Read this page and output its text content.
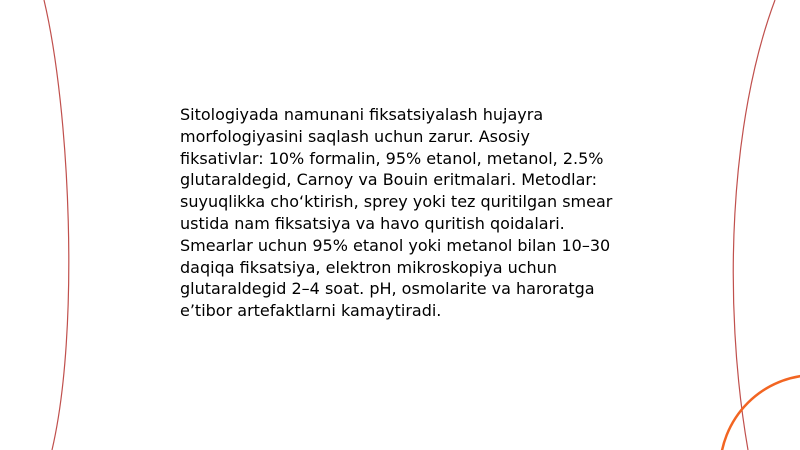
Sitologiyada namunani fiksatsiyalash hujayra
morfologiyasini saqlash uchun zarur. Asosiy
fiksativlar: 10% formalin, 95% etanol, metanol, 2.5%
glutaraldegid, Carnoy va Bouin eritmalari. Metodlar:
suyuqlikka cho‘ktirish, sprey yoki tez quritilgan smear
ustida nam fiksatsiya va havo quritish qoidalari.
Smearlar uchun 95% etanol yoki metanol bilan 10–30
daqiqa fiksatsiya, elektron mikroskopiya uchun
glutaraldegid 2–4 soat. pH, osmolarite va haroratga
e’tibor artefaktlarni kamaytiradi.
